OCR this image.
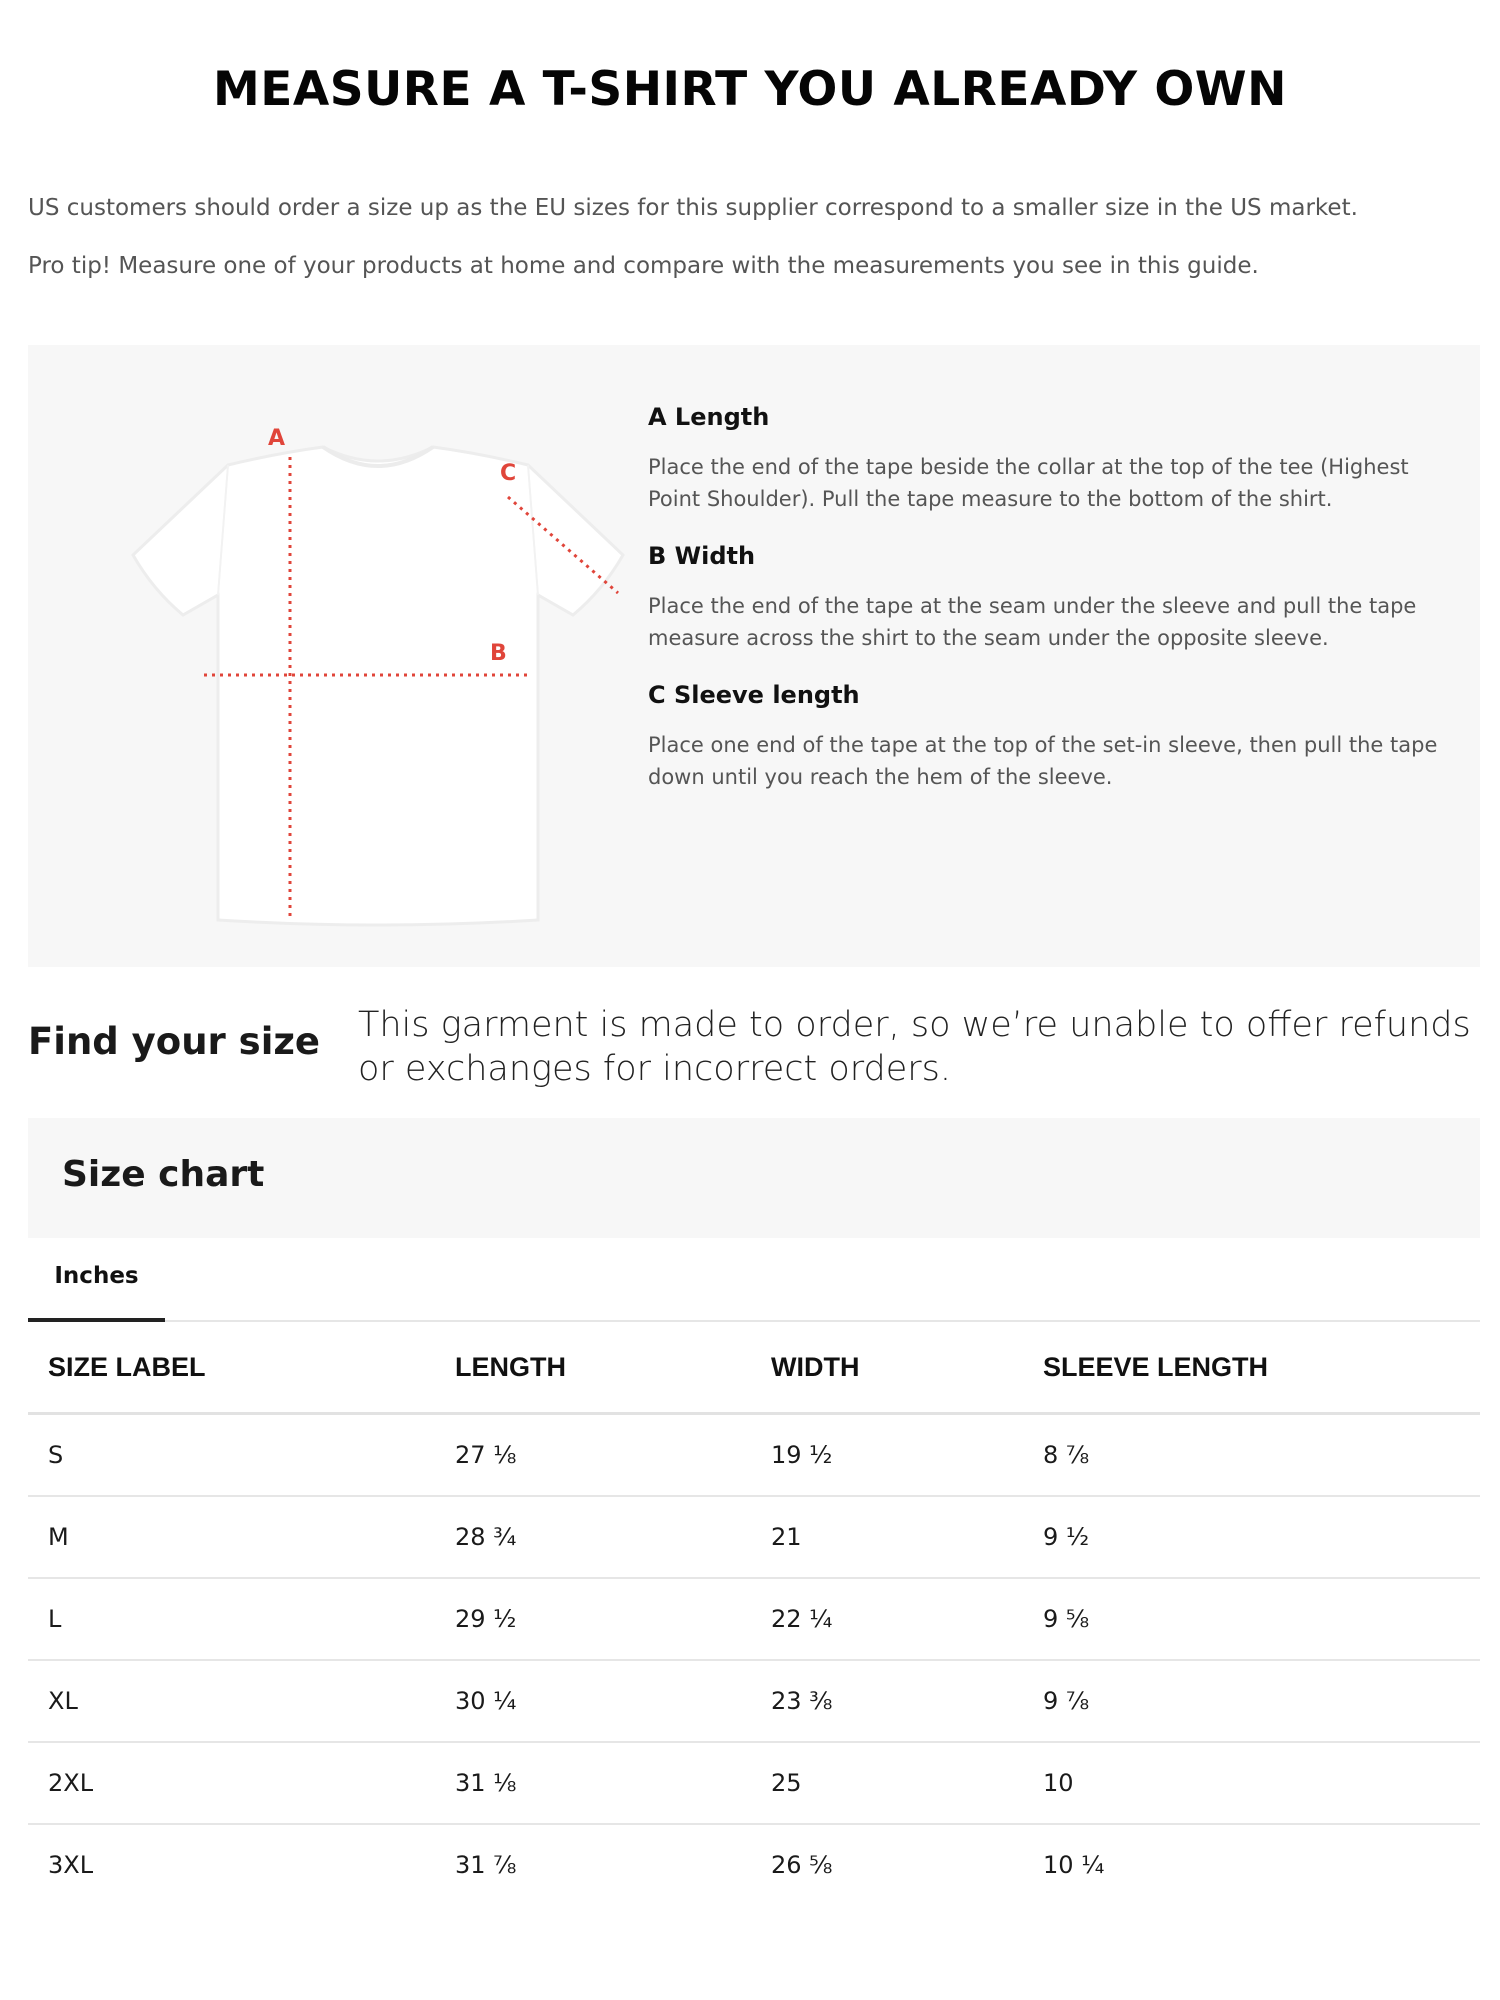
MEASURE A T-SHIRT YOU ALREADY OWN
US customers should order a size up as the EU sizes for this supplier correspond to a smaller size in the US market.
Pro tip! Measure one of your products at home and compare with the measurements you see in this guide.
A
B
C
A Length
Place the end of the tape beside the collar at the top of the tee (Highest Point Shoulder). Pull the tape measure to the bottom of the shirt.
B Width
Place the end of the tape at the seam under the sleeve and pull the tape measure across the shirt to the seam under the opposite sleeve.
C Sleeve length
Place one end of the tape at the top of the set-in sleeve, then pull the tape down until you reach the hem of the sleeve.
Find your size This garment is made to order, so we’re unable to offer refunds or exchanges for incorrect orders.
Size chart
Inches
SIZE LABEL	LENGTH	WIDTH	SLEEVE LENGTH
S	27 ⅛	19 ½	8 ⅞
M	28 ¾	21	9 ½
L	29 ½	22 ¼	9 ⅝
XL	30 ¼	23 ⅜	9 ⅞
2XL	31 ⅛	25	10
3XL	31 ⅞	26 ⅝	10 ¼
